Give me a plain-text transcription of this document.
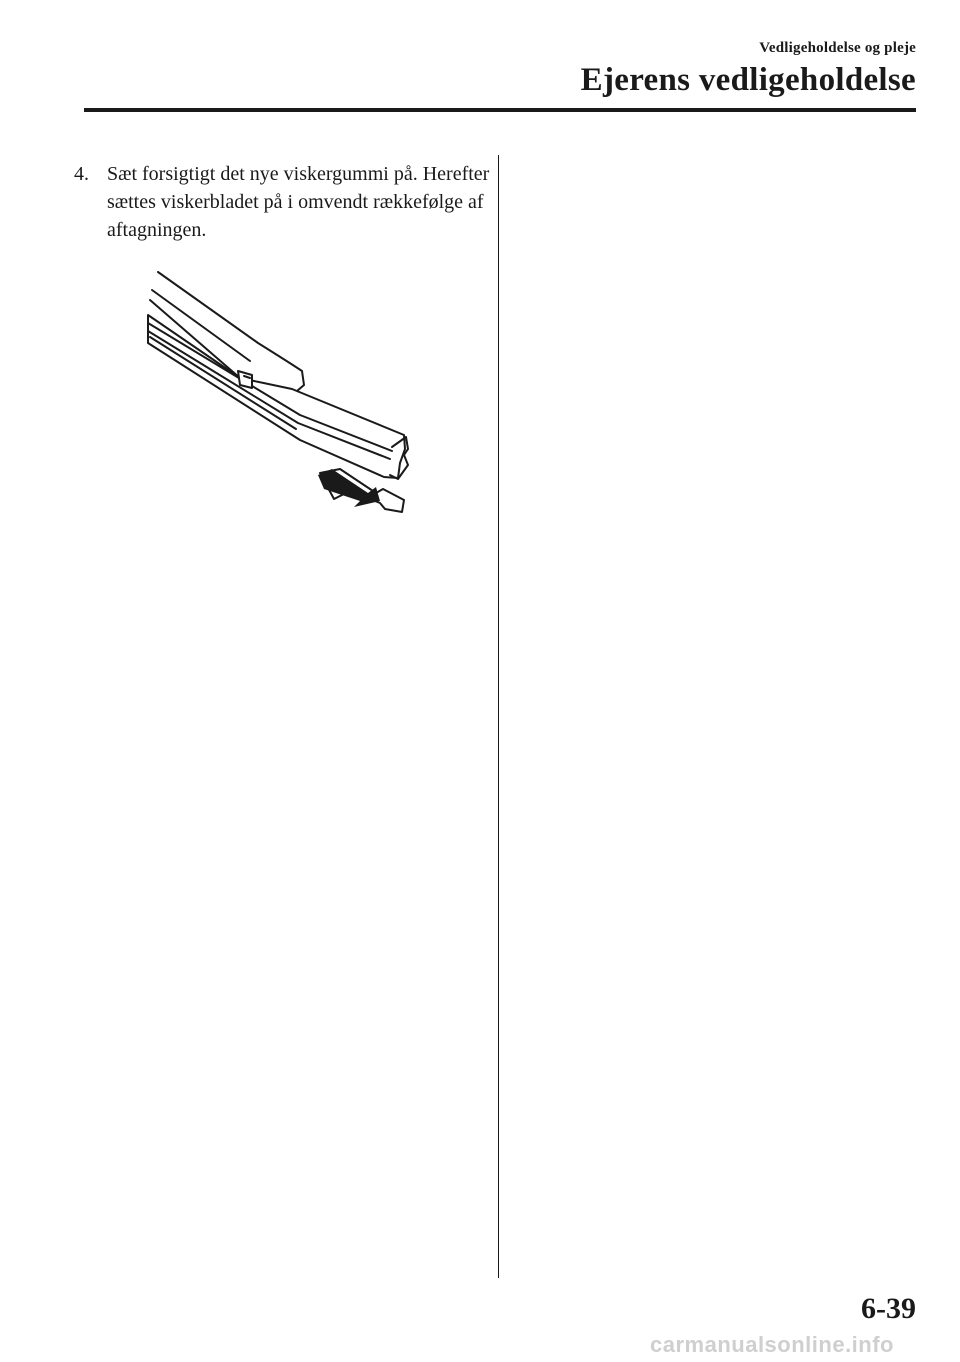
Vedligeholdelse og pleje
Ejerens vedligeholdelse
4. Sæt forsigtigt det nye viskergummi på. Herefter sættes viskerbladet på i omvendt rækkefølge af aftagningen.
6-39
carmanualsonline.info
